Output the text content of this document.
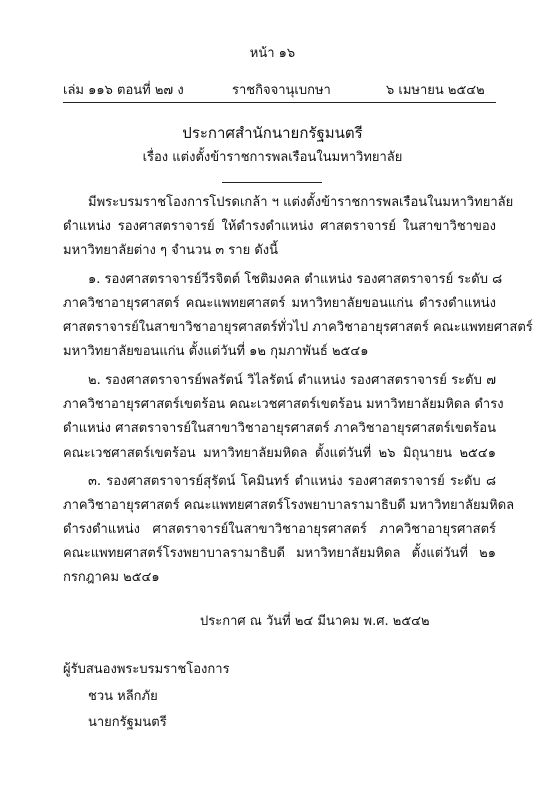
หน้า ๑๖
เล่ม ๑๑๖ ตอนที่ ๒๗ ง	ราชกิจจานุเบกษา	๖ เมษายน ๒๕๔๒
ประกาศสำนักนายกรัฐมนตรี
เรื่อง แต่งตั้งข้าราชการพลเรือนในมหาวิทยาลัย
มีพระบรมราชโองการโปรดเกล้า ฯ แต่งตั้งข้าราชการพลเรือนในมหาวิทยาลัย
ดำแหน่ง รองศาสตราจารย์ ให้ดำรงดำแหน่ง ศาสตราจารย์ ในสาขาวิชาของ
มหาวิทยาลัยต่าง ๆ จำนวน ๓ ราย ดังนี้
๑. รองศาสตราจารย์วีรจิตต์ โชติมงคล ตำแหน่ง รองศาสตราจารย์ ระดับ ๘
ภาควิชาอายุรศาสตร์ คณะแพทยศาสตร์ มหาวิทยาลัยขอนแก่น ดำรงดำแหน่ง
ศาสตราจารย์ในสาขาวิชาอายุรศาสตร์ทั่วไป ภาควิชาอายุรศาสตร์ คณะแพทยศาสตร์
มหาวิทยาลัยขอนแก่น ตั้งแต่วันที่ ๑๒ กุมภาพันธ์ ๒๕๔๑
๒. รองศาสตราจารย์พลรัตน์ วิไลรัตน์ ตำแหน่ง รองศาสตราจารย์ ระดับ ๗
ภาควิชาอายุรศาสตร์เขตร้อน คณะเวชศาสตร์เขตร้อน มหาวิทยาลัยมหิดล ดำรง
ดำแหน่ง ศาสตราจารย์ในสาขาวิชาอายุรศาสตร์ ภาควิชาอายุรศาสตร์เขตร้อน
คณะเวชศาสตร์เขตร้อน มหาวิทยาลัยมหิดล ตั้งแต่วันที่ ๒๖ มิถุนายน ๒๕๔๑
๓. รองศาสตราจารย์สุรัตน์ โคมินทร์ ตำแหน่ง รองศาสตราจารย์ ระดับ ๘
ภาควิชาอายุรศาสตร์ คณะแพทยศาสตร์โรงพยาบาลรามาธิบดี มหาวิทยาลัยมหิดล
ดำรงดำแหน่ง ศาสตราจารย์ในสาขาวิชาอายุรศาสตร์ ภาควิชาอายุรศาสตร์
คณะแพทยศาสตร์โรงพยาบาลรามาธิบดี มหาวิทยาลัยมหิดล ตั้งแต่วันที่ ๒๑
กรกฎาคม ๒๕๔๑
ประกาศ ณ วันที่ ๒๔ มีนาคม พ.ศ. ๒๕๔๒
ผู้รับสนองพระบรมราชโองการ
ชวน หลีกภัย
นายกรัฐมนตรี
